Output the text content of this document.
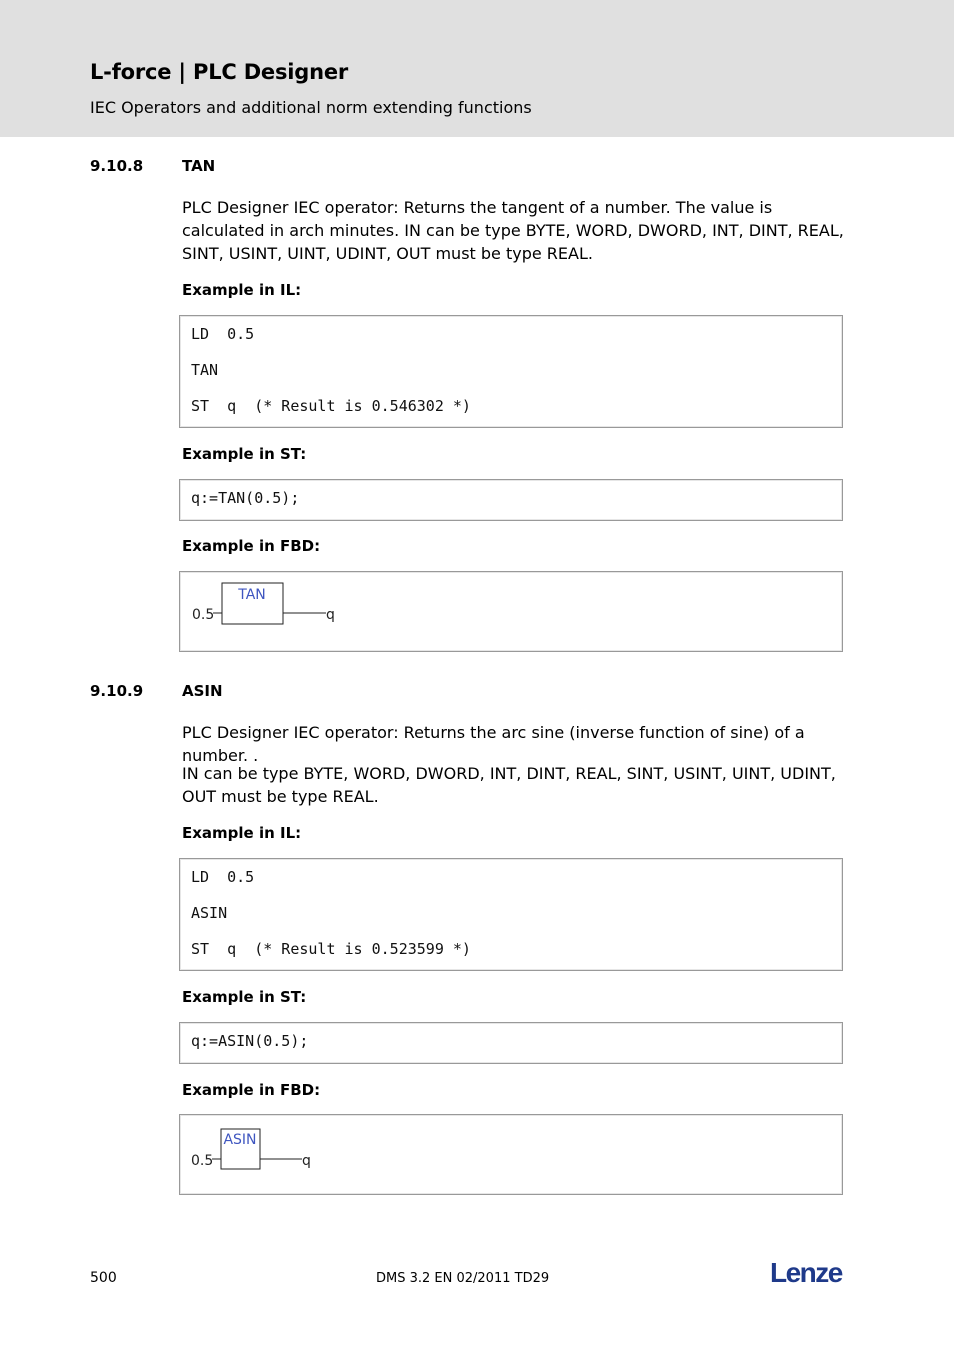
L-force | PLC Designer
IEC Operators and additional norm extending functions
9.10.8	TAN
PLC Designer IEC operator: Returns the tangent of a number. The value is calculated in arch minutes. IN can be type BYTE, WORD, DWORD, INT, DINT, REAL, SINT, USINT, UINT, UDINT, OUT must be type REAL.
Example in IL:
LD  0.5
TAN
ST  q  (* Result is 0.546302 *)
Example in ST:
q:=TAN(0.5);
Example in FBD:
0.5
TAN
q
9.10.9	ASIN
PLC Designer IEC operator: Returns the arc sine (inverse function of sine) of a number. .
IN can be type BYTE, WORD, DWORD, INT, DINT, REAL, SINT, USINT, UINT, UDINT, OUT must be type REAL.
Example in IL:
LD  0.5
ASIN
ST  q  (* Result is 0.523599 *)
Example in ST:
q:=ASIN(0.5);
Example in FBD:
0.5
ASIN
q
500	DMS 3.2 EN 02/2011 TD29	Lenze
